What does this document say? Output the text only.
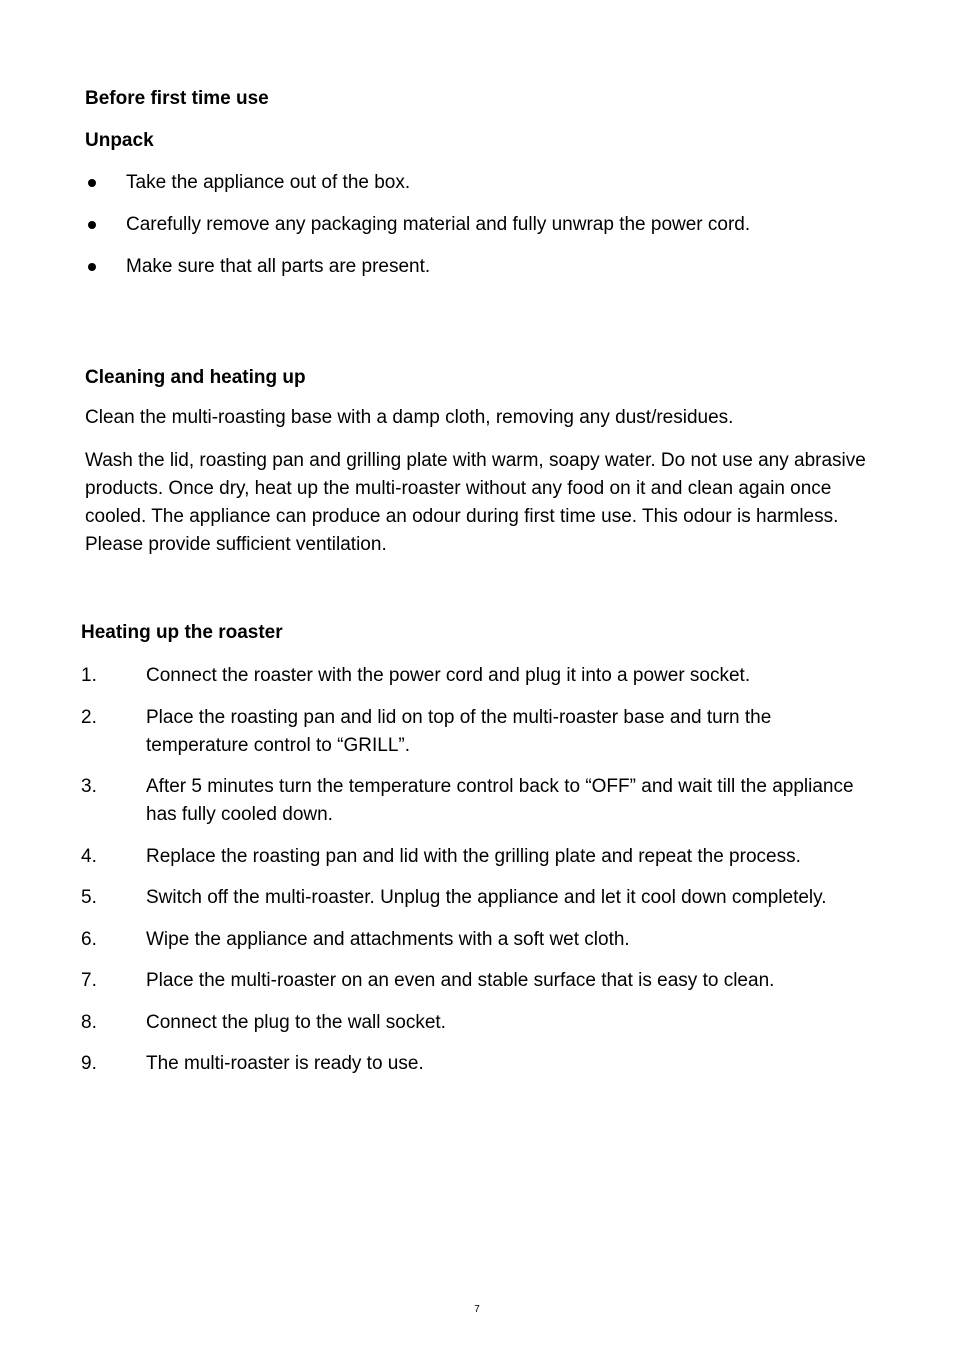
Before first time use
Unpack
Take the appliance out of the box.
Carefully remove any packaging material and fully unwrap the power cord.
Make sure that all parts are present.
Cleaning and heating up

Clean the multi-roasting base with a damp cloth, removing any dust/residues.

Wash the lid, roasting pan and grilling plate with warm, soapy water. Do not use any abrasive products. Once dry, heat up the multi-roaster without any food on it and clean again once cooled. The appliance can produce an odour during first time use. This odour is harmless. Please provide sufficient ventilation.

Heating up the roaster
1.	Connect the roaster with the power cord and plug it into a power socket.
2.	Place the roasting pan and lid on top of the multi-roaster base and turn the temperature control to “GRILL”.
3.	After 5 minutes turn the temperature control back to “OFF” and wait till the appliance has fully cooled down.
4.	Replace the roasting pan and lid with the grilling plate and repeat the process.
5.	Switch off the multi-roaster. Unplug the appliance and let it cool down completely.
6.	Wipe the appliance and attachments with a soft wet cloth.
7.	Place the multi-roaster on an even and stable surface that is easy to clean.
8.	Connect the plug to the wall socket.
9.	The multi-roaster is ready to use.
7
